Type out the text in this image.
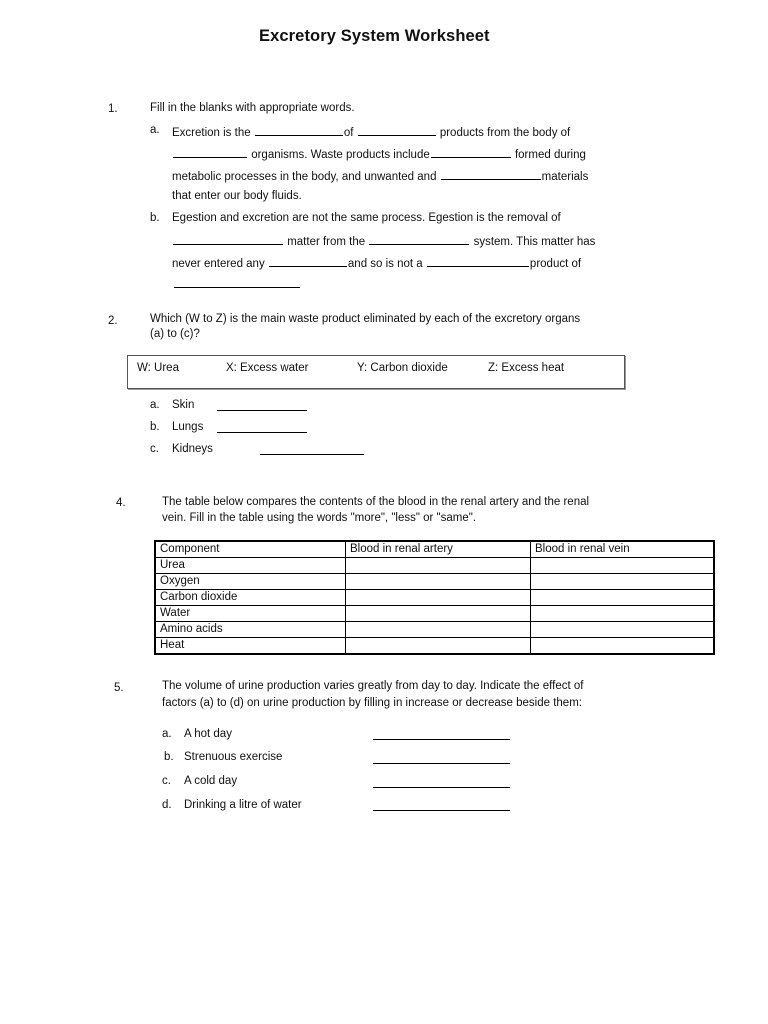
Excretory System Worksheet
1.	Fill in the blanks with appropriate words.
a. Excretion is the	of	products from the body of
organisms. Waste products include	formed during
metabolic processes in the body, and unwanted and	materials
that enter our body fluids.
b. Egestion and excretion are not the same process. Egestion is the removal of
matter from the	system. This matter has
never entered any	and so is not a	product of
2.	Which (W to Z) is the main waste product eliminated by each of the excretory organs
(a) to (c)?
W: Urea	X: Excess water	Y: Carbon dioxide	Z: Excess heat
a. Skin
b. Lungs
c. Kidneys
4.	The table below compares the contents of the blood in the renal artery and the renal
vein. Fill in the table using the words "more", "less" or "same".
Component	Blood in renal artery	Blood in renal vein
Urea		
Oxygen		
Carbon dioxide		
Water		
Amino acids		
Heat		
5.	The volume of urine production varies greatly from day to day. Indicate the effect of
factors (a) to (d) on urine production by filling in increase or decrease beside them:
a. A hot day
b. Strenuous exercise
c. A cold day
d. Drinking a litre of water
